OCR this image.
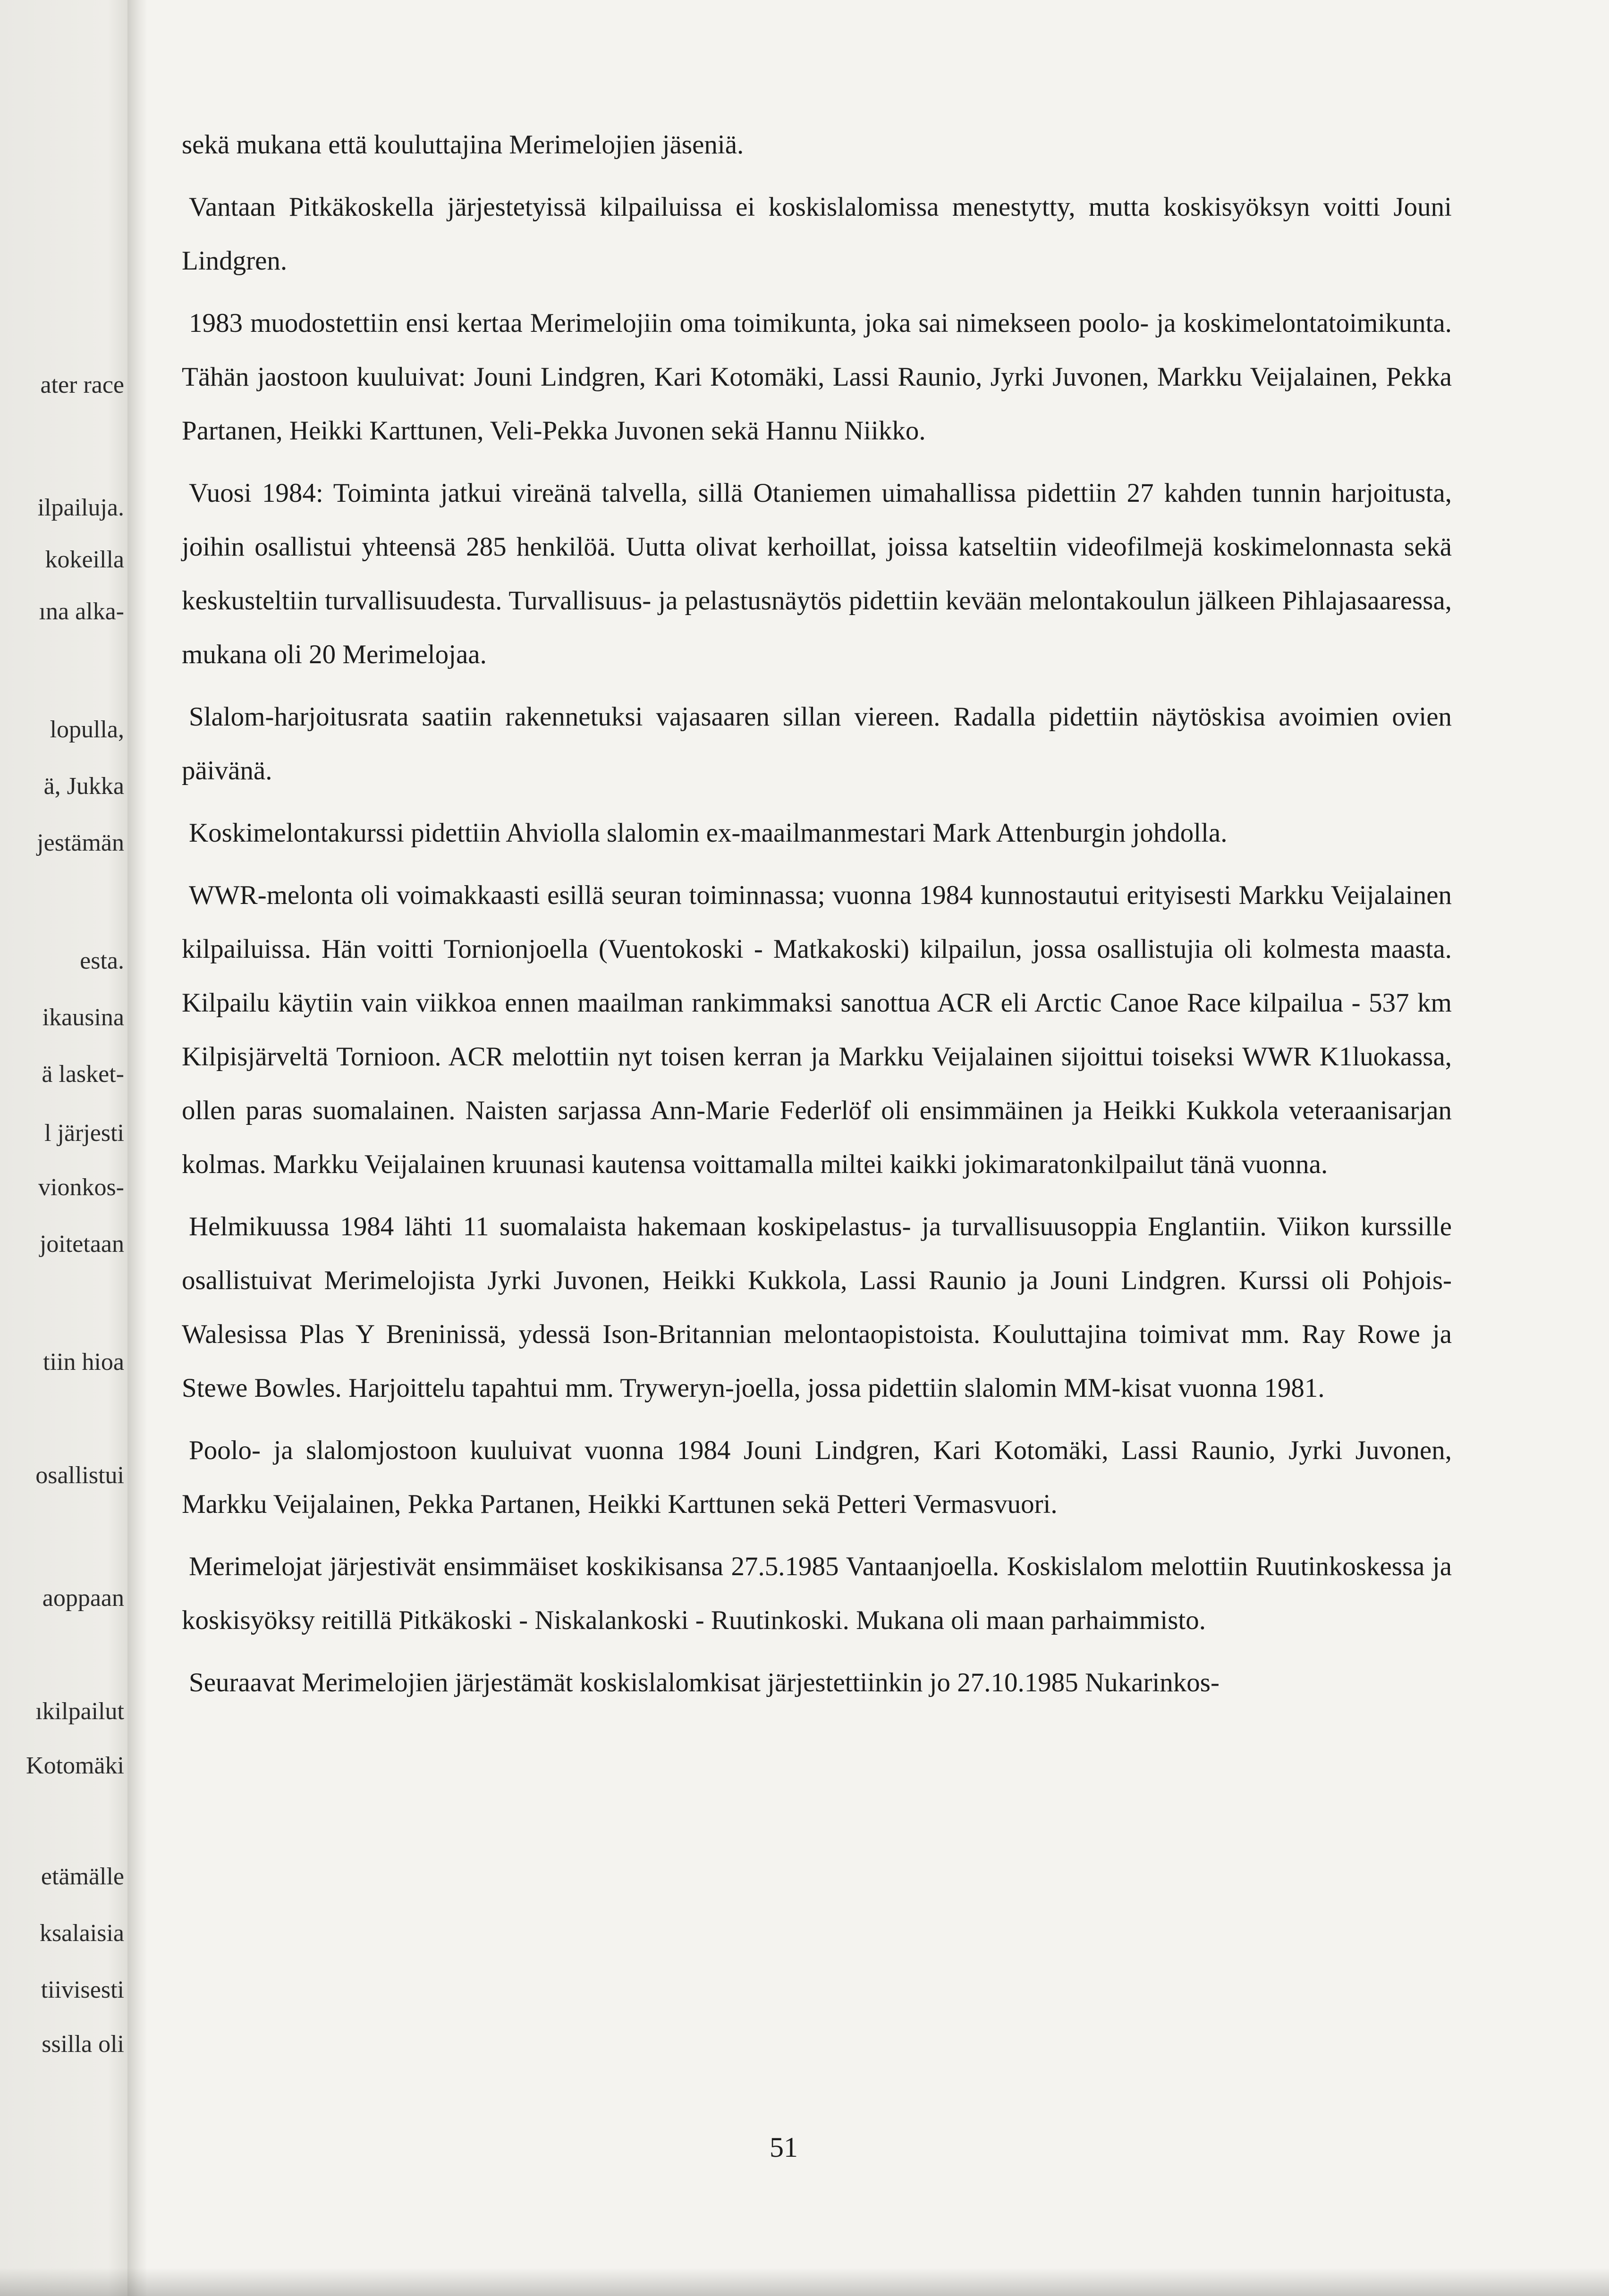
ater race

ilpailuja.

kokeilla

ına alka-

lopulla,

ä, Jukka

jestämän

esta.

ikausina

ä lasket-

l järjesti

vionkos-

joitetaan

tiin hioa

osallistui

aoppaan

ıkilpailut

Kotomäki

etämälle

ksalaisia

tiivisesti

ssilla oli

sekä mukana että kouluttajina Merimelojien jäseniä.

Vantaan Pitkäkoskella järjestetyissä kilpailuissa ei koskislalomissa menestytty, mutta koskisyöksyn voitti Jouni Lindgren.

1983 muodostettiin ensi kertaa Merimelojiin oma toimikunta, joka sai nimekseen poolo- ja koskimelontatoimikunta. Tähän jaostoon kuuluivat: Jouni Lindgren, Kari Kotomäki, Lassi Raunio, Jyrki Juvonen, Markku Veijalainen, Pekka Partanen, Heikki Karttunen, Veli-Pekka Juvonen sekä Hannu Niikko.

Vuosi 1984: Toiminta jatkui vireänä talvella, sillä Otaniemen uimahallissa pidettiin 27 kahden tunnin harjoitusta, joihin osallistui yhteensä 285 henkilöä. Uutta olivat kerhoillat, joissa katseltiin videofilmejä koskimelonnasta sekä keskusteltiin turvallisuudesta. Turvallisuus- ja pelastusnäytös pidettiin kevään melontakoulun jälkeen Pihlajasaaressa, mukana oli 20 Merimelojaa.

Slalom-harjoitusrata saatiin rakennetuksi vajasaaren sillan viereen. Radalla pidettiin näytöskisa avoimien ovien päivänä.

Koskimelontakurssi pidettiin Ahviolla slalomin ex-maailmanmestari Mark Attenburgin johdolla.

WWR-melonta oli voimakkaasti esillä seuran toiminnassa; vuonna 1984 kunnostautui erityisesti Markku Veijalainen kilpailuissa. Hän voitti Tornionjoella (Vuentokoski - Matkakoski) kilpailun, jossa osallistujia oli kolmesta maasta. Kilpailu käytiin vain viikkoa ennen maailman rankimmaksi sanottua ACR eli Arctic Canoe Race kilpailua - 537 km Kilpisjärveltä Tornioon. ACR melottiin nyt toisen kerran ja Markku Veijalainen sijoittui toiseksi WWR K1luokassa, ollen paras suomalainen. Naisten sarjassa Ann-Marie Federlöf oli ensimmäinen ja Heikki Kukkola veteraanisarjan kolmas. Markku Veijalainen kruunasi kautensa voittamalla miltei kaikki jokimaratonkilpailut tänä vuonna.

Helmikuussa 1984 lähti 11 suomalaista hakemaan koskipelastus- ja turvallisuusoppia Englantiin. Viikon kurssille osallistuivat Merimelojista Jyrki Juvonen, Heikki Kukkola, Lassi Raunio ja Jouni Lindgren. Kurssi oli Pohjois-Walesissa Plas Y Breninissä, ydessä Ison-Britannian melontaopistoista. Kouluttajina toimivat mm. Ray Rowe ja Stewe Bowles. Harjoittelu tapahtui mm. Tryweryn-joella, jossa pidettiin slalomin MM-kisat vuonna 1981.

Poolo- ja slalomjostoon kuuluivat vuonna 1984 Jouni Lindgren, Kari Kotomäki, Lassi Raunio, Jyrki Juvonen, Markku Veijalainen, Pekka Partanen, Heikki Karttunen sekä Petteri Vermasvuori.

Merimelojat järjestivät ensimmäiset koskikisansa 27.5.1985 Vantaanjoella. Koskislalom melottiin Ruutinkoskessa ja koskisyöksy reitillä Pitkäkoski - Niskalankoski - Ruutinkoski. Mukana oli maan parhaimmisto.

Seuraavat Merimelojien järjestämät koskislalomkisat järjestettiinkin jo 27.10.1985 Nukarinkos-

51
